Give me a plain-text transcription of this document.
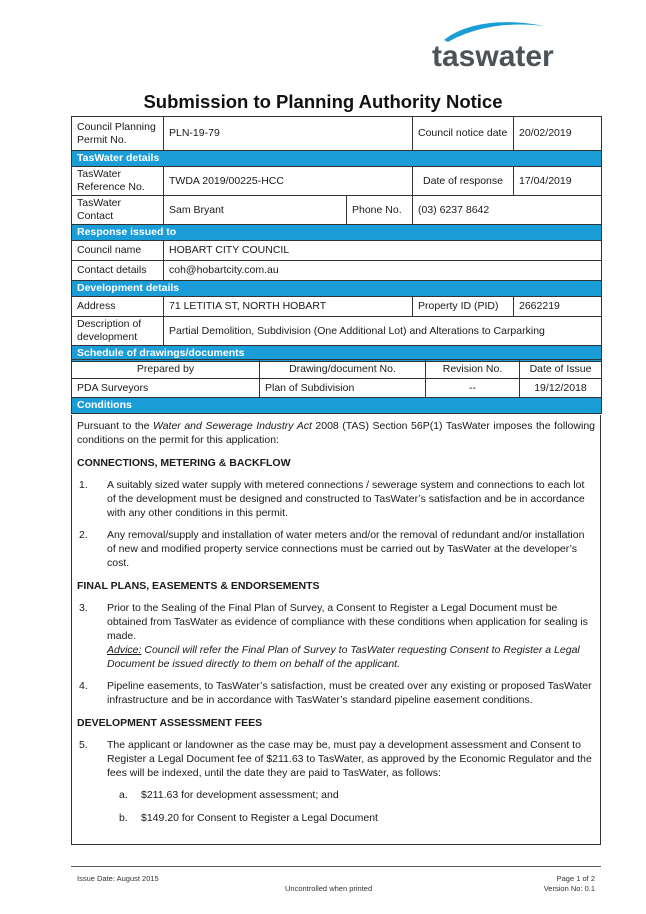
taswater
Submission to Planning Authority Notice
Council Planning Permit No.	PLN-19-79		Council notice date	20/02/2019
TasWater details				
TasWater Reference No.	TWDA 2019/00225-HCC		Date of response	17/04/2019
TasWater Contact	Sam Bryant	Phone No.	(03) 6237 8642	
Response issued to				
Council name	HOBART CITY COUNCIL			
Contact details	coh@hobartcity.com.au			
Development details				
Address	71 LETITIA ST, NORTH HOBART		Property ID (PID)	2662219
Description of development	Partial Demolition, Subdivision (One Additional Lot) and Alterations to Carparking			
Schedule of drawings/documents				
Prepared by	Drawing/document No.	Revision No.	Date of Issue
PDA Surveyors	Plan of Subdivision	--	19/12/2018
Conditions			

Pursuant to the Water and Sewerage Industry Act 2008 (TAS) Section 56P(1) TasWater imposes the following conditions on the permit for this application:

CONNECTIONS, METERING & BACKFLOW
1.	A suitably sized water supply with metered connections / sewerage system and connections to each lot of the development must be designed and constructed to TasWater’s satisfaction and be in accordance with any other conditions in this permit.
2.	Any removal/supply and installation of water meters and/or the removal of redundant and/or installation of new and modified property service connections must be carried out by TasWater at the developer’s cost.
FINAL PLANS, EASEMENTS & ENDORSEMENTS
3.	Prior to the Sealing of the Final Plan of Survey, a Consent to Register a Legal Document must be obtained from TasWater as evidence of compliance with these conditions when application for sealing is made.
Advice: Council will refer the Final Plan of Survey to TasWater requesting Consent to Register a Legal Document be issued directly to them on behalf of the applicant.
4.	Pipeline easements, to TasWater’s satisfaction, must be created over any existing or proposed TasWater infrastructure and be in accordance with TasWater’s standard pipeline easement conditions.
DEVELOPMENT ASSESSMENT FEES
5.	The applicant or landowner as the case may be, must pay a development assessment and Consent to Register a Legal Document fee of $211.63 to TasWater, as approved by the Economic Regulator and the fees will be indexed, until the date they are paid to TasWater, as follows:
a.	$211.63 for development assessment; and
b.	$149.20 for Consent to Register a Legal Document
Issue Date: August 2015
Uncontrolled when printed
Page 1 of 2
Version No: 0.1
